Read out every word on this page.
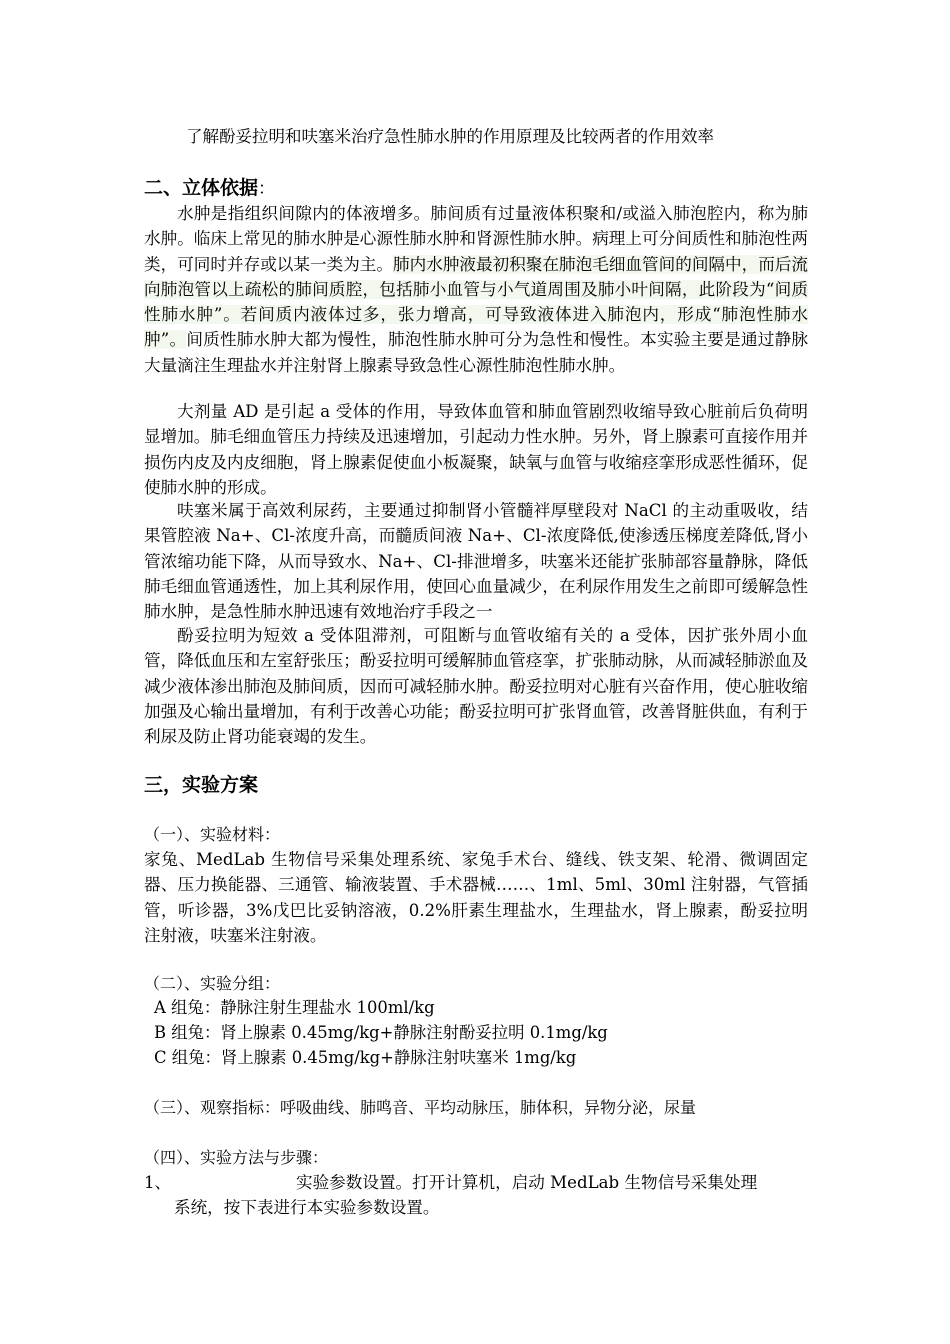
了解酚妥拉明和呋塞米治疗急性肺水肿的作用原理及比较两者的作用效率
二、立体依据：
水肿是指组织间隙内的体液增多。肺间质有过量液体积聚和/或溢入肺泡腔内，称为肺水肿。临床上常见的肺水肿是心源性肺水肿和肾源性肺水肿。病理上可分间质性和肺泡性两类，可同时并存或以某一类为主。肺内水肿液最初积聚在肺泡毛细血管间的间隔中，而后流向肺泡管以上疏松的肺间质腔，包括肺小血管与小气道周围及肺小叶间隔，此阶段为“间质性肺水肿”。若间质内液体过多，张力增高，可导致液体进入肺泡内，形成“肺泡性肺水肿”。间质性肺水肿大都为慢性，肺泡性肺水肿可分为急性和慢性。本实验主要是通过静脉大量滴注生理盐水并注射肾上腺素导致急性心源性肺泡性肺水肿。
大剂量 AD 是引起 a 受体的作用，导致体血管和肺血管剧烈收缩导致心脏前后负荷明显增加。肺毛细血管压力持续及迅速增加，引起动力性水肿。另外，肾上腺素可直接作用并损伤内皮及内皮细胞，肾上腺素促使血小板凝聚，缺氧与血管与收缩痉挛形成恶性循环，促使肺水肿的形成。
呋塞米属于高效利尿药，主要通过抑制肾小管髓袢厚壁段对 NaCl 的主动重吸收，结果管腔液 Na+、Cl-浓度升高，而髓质间液 Na+、Cl-浓度降低,使渗透压梯度差降低,肾小管浓缩功能下降，从而导致水、Na+、Cl-排泄增多，呋塞米还能扩张肺部容量静脉，降低肺毛细血管通透性，加上其利尿作用，使回心血量减少，在利尿作用发生之前即可缓解急性肺水肿，是急性肺水肿迅速有效地治疗手段之一
酚妥拉明为短效 a 受体阻滞剂，可阻断与血管收缩有关的 a 受体，因扩张外周小血管，降低血压和左室舒张压；酚妥拉明可缓解肺血管痉挛，扩张肺动脉，从而减轻肺淤血及减少液体渗出肺泡及肺间质，因而可减轻肺水肿。酚妥拉明对心脏有兴奋作用，使心脏收缩加强及心输出量增加，有利于改善心功能；酚妥拉明可扩张肾血管，改善肾脏供血，有利于利尿及防止肾功能衰竭的发生。
三，实验方案
（一）、实验材料：
家兔、MedLab 生物信号采集处理系统、家兔手术台、缝线、铁支架、轮滑、微调固定器、压力换能器、三通管、输液装置、手术器械……、1ml、5ml、30ml 注射器，气管插管，听诊器，3%戊巴比妥钠溶液，0.2%肝素生理盐水，生理盐水，肾上腺素，酚妥拉明注射液，呋塞米注射液。
（二）、实验分组：
A 组兔：静脉注射生理盐水 100ml/kg
B 组兔：肾上腺素 0.45mg/kg+静脉注射酚妥拉明 0.1mg/kg
C 组兔：肾上腺素 0.45mg/kg+静脉注射呋塞米 1mg/kg
（三）、观察指标：呼吸曲线、肺鸣音、平均动脉压，肺体积，异物分泌，尿量
（四）、实验方法与步骤：
1、	实验参数设置。打开计算机，启动 MedLab 生物信号采集处理
系统，按下表进行本实验参数设置。
